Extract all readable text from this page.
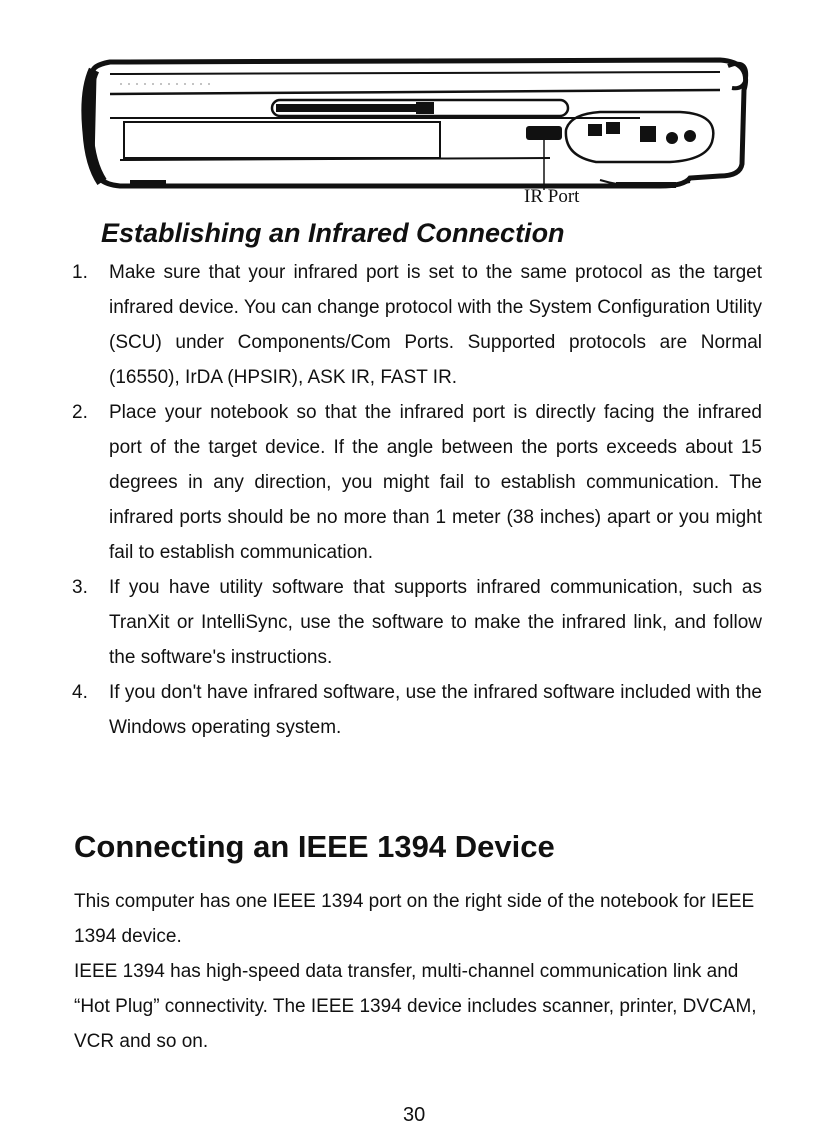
IR Port
Establishing an Infrared Connection
1. Make sure that your infrared port is set to the same protocol as the target infrared device. You can change protocol with the System Configuration Utility (SCU) under Components/Com Ports. Supported protocols are Normal (16550), IrDA (HPSIR), ASK IR, FAST IR.
2. Place your notebook so that the infrared port is directly facing the infrared port of the target device. If the angle between the ports exceeds about 15 degrees in any direction, you might fail to establish communication. The infrared ports should be no more than 1 meter (38 inches) apart or you might fail to establish communication.
3. If you have utility software that supports infrared communication, such as TranXit or IntelliSync, use the software to make the infrared link, and follow the software's instructions.
4. If you don't have infrared software, use the infrared software included with the Windows operating system.
Connecting an IEEE 1394 Device

This computer has one IEEE 1394 port on the right side of the notebook for IEEE 1394 device.

IEEE 1394 has high-speed data transfer, multi-channel communication link and “Hot Plug” connectivity. The IEEE 1394 device includes scanner, printer, DVCAM, VCR and so on.

30
